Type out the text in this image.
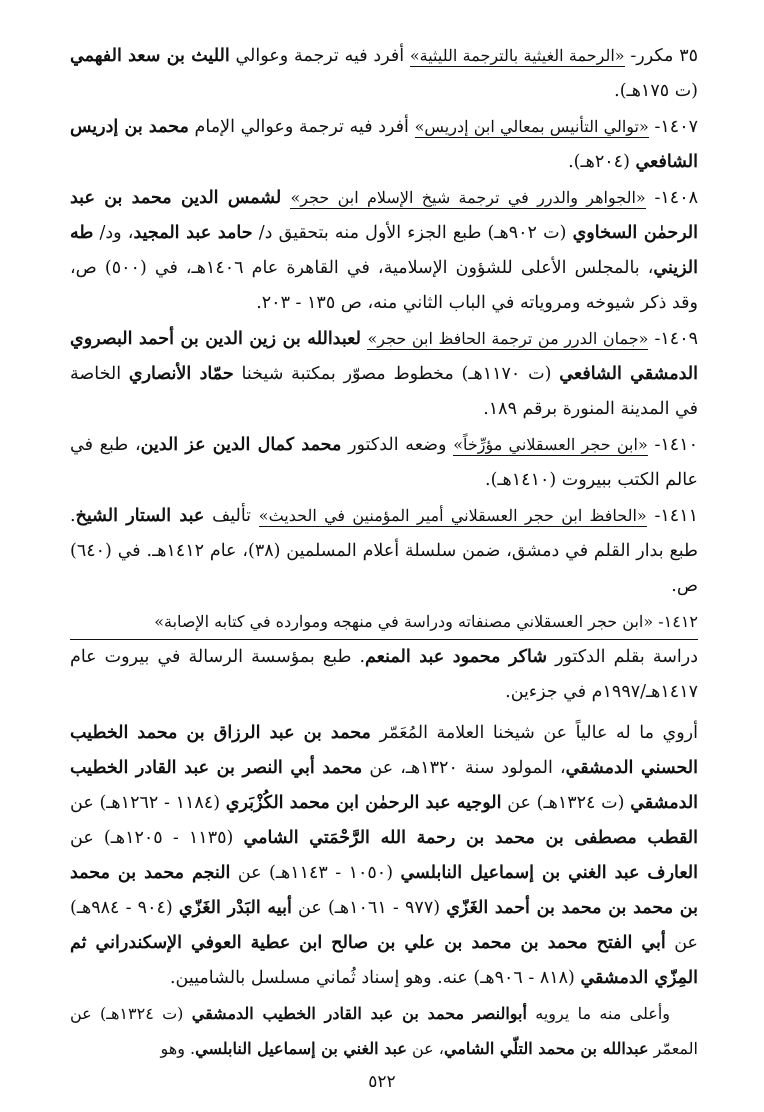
٣٥ مكرر- «الرحمة الغيثية بالترجمة الليثية» أفرد فيه ترجمة وعوالي الليث بن سعد الفهمي (ت ١٧٥هـ).

١٤٠٧- «توالي التأنيس بمعالي ابن إدريس» أفرد فيه ترجمة وعوالي الإمام محمد بن إدريس الشافعي (٢٠٤هـ).

١٤٠٨- «الجواهر والدرر في ترجمة شيخ الإسلام ابن حجر» لشمس الدين محمد بن عبد الرحمٰن السخاوي (ت ٩٠٢هـ) طبع الجزء الأول منه بتحقيق د/ حامد عبد المجيد، ود/ طه الزيني، بالمجلس الأعلى للشؤون الإسلامية، في القاهرة عام ١٤٠٦هـ، في (٥٠٠) ص، وقد ذكر شيوخه ومروياته في الباب الثاني منه، ص ١٣٥ - ٢٠٣.

١٤٠٩- «جمان الدرر من ترجمة الحافظ ابن حجر» لعبدالله بن زين الدين بن أحمد البصروي الدمشقي الشافعي (ت ١١٧٠هـ) مخطوط مصوّر بمكتبة شيخنا حمّاد الأنصاري الخاصة في المدينة المنورة برقم ١٨٩.

١٤١٠- «ابن حجر العسقلاني مؤرِّخاً» وضعه الدكتور محمد كمال الدين عز الدين، طبع في عالم الكتب ببيروت (١٤١٠هـ).

١٤١١- «الحافظ ابن حجر العسقلاني أمير المؤمنين في الحديث» تأليف عبد الستار الشيخ. طبع بدار القلم في دمشق، ضمن سلسلة أعلام المسلمين (٣٨)، عام ١٤١٢هـ. في (٦٤٠) ص.

١٤١٢- «ابن حجر العسقلاني مصنفاته ودراسة في منهجه وموارده في كتابه الإصابة»
دراسة بقلم الدكتور شاكر محمود عبد المنعم. طبع بمؤسسة الرسالة في بيروت عام ١٤١٧هـ/١٩٩٧م في جزءين.

أروي ما له عالياً عن شيخنا العلامة المُعَمّر محمد بن عبد الرزاق بن محمد الخطيب الحسني الدمشقي، المولود سنة ١٣٢٠هـ، عن محمد أبي النصر بن عبد القادر الخطيب الدمشقي (ت ١٣٢٤هـ) عن الوجيه عبد الرحمٰن ابن محمد الكُزْبَري (١١٨٤ - ١٢٦٢هـ) عن القطب مصطفى بن محمد بن رحمة الله الرَّحْمَتي الشامي (١١٣٥ - ١٢٠٥هـ) عن العارف عبد الغني بن إسماعيل النابلسي (١٠٥٠ - ١١٤٣هـ) عن النجم محمد بن محمد بن محمد بن محمد بن أحمد الغَزّي (٩٧٧ - ١٠٦١هـ) عن أبيه البَدْر الغَزّي (٩٠٤ - ٩٨٤هـ) عن أبي الفتح محمد بن محمد بن علي بن صالح ابن عطية العوفي الإسكندراني ثم المِزّي الدمشقي (٨١٨ - ٩٠٦هـ) عنه. وهو إسناد ثُماني مسلسل بالشاميين.

وأعلى منه ما يرويه أبوالنصر محمد بن عبد القادر الخطيب الدمشقي (ت ١٣٢٤هـ) عن المعمّر عبدالله بن محمد التلّي الشامي، عن عبد الغني بن إسماعيل النابلسي. وهو

٥٢٢
